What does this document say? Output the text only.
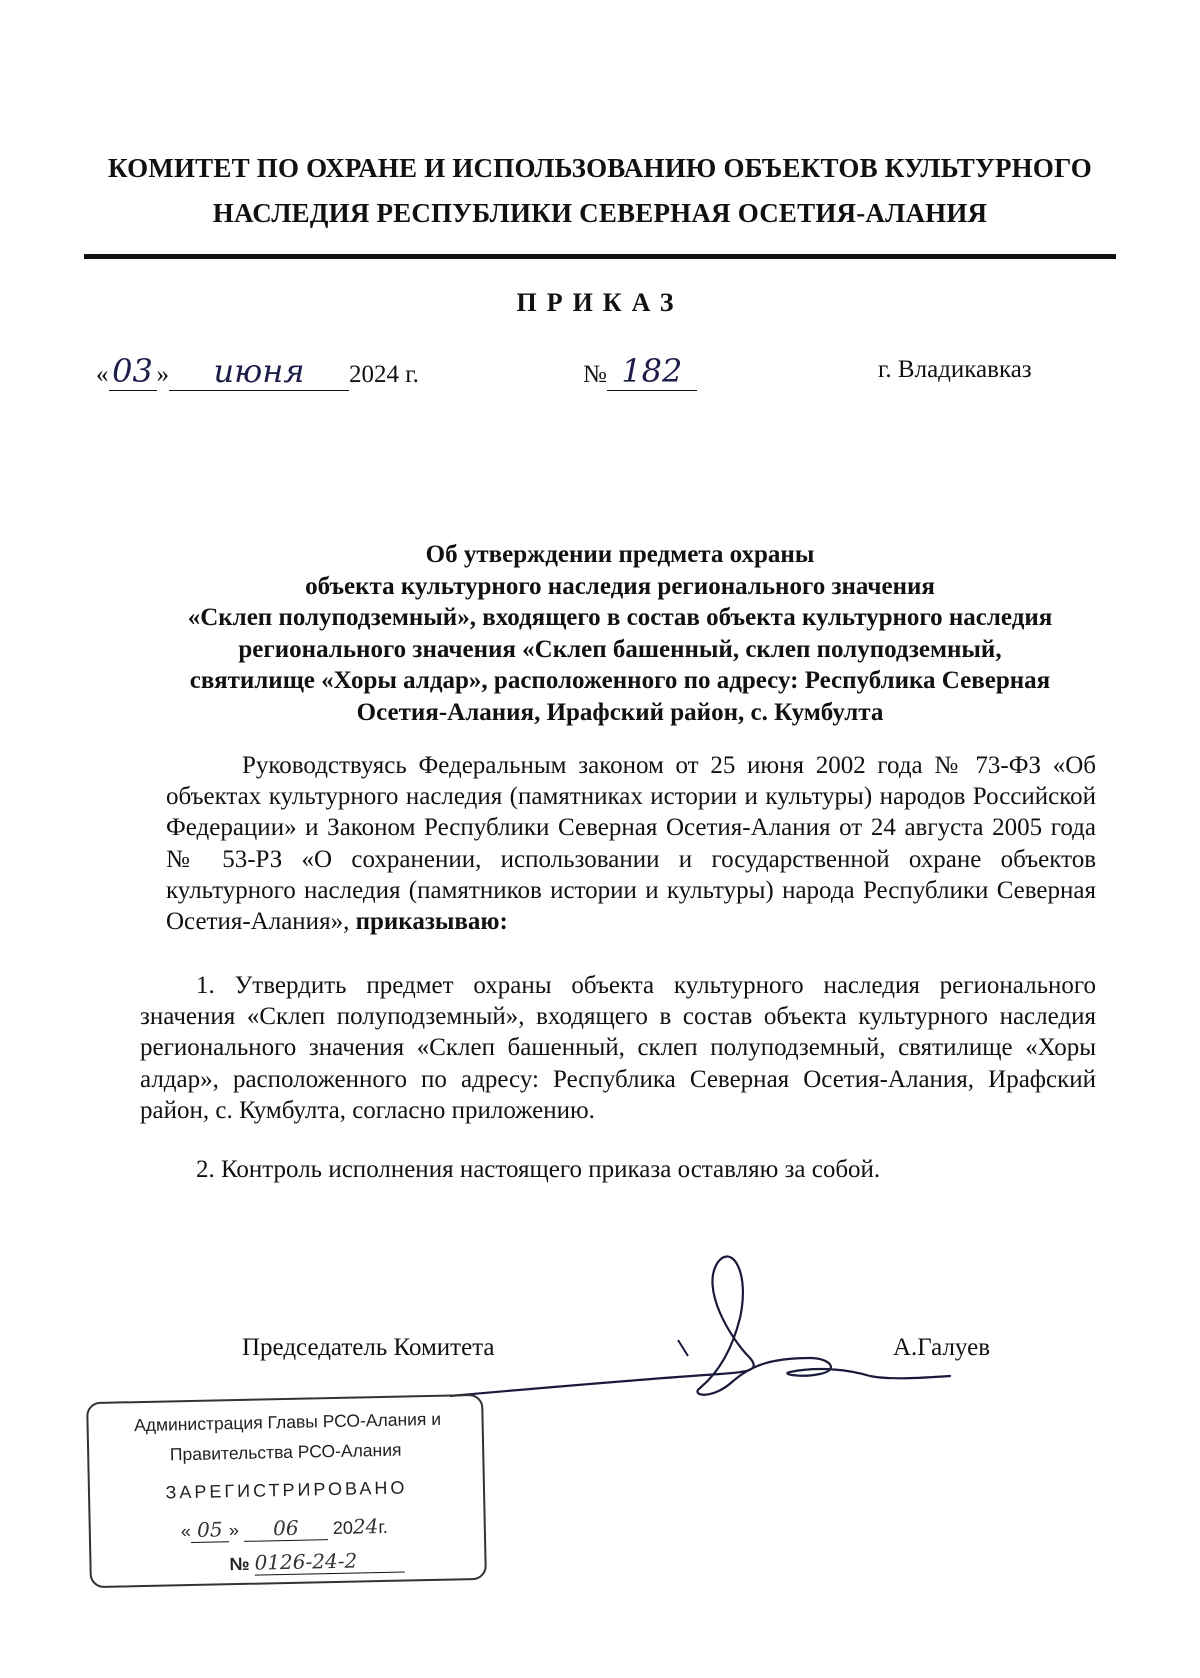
КОМИТЕТ ПО ОХРАНЕ И ИСПОЛЬЗОВАНИЮ ОБЪЕКТОВ КУЛЬТУРНОГО
НАСЛЕДИЯ РЕСПУБЛИКИ СЕВЕРНАЯ ОСЕТИЯ-АЛАНИЯ
ПРИКАЗ
« 03 » июня 2024 г.	№ 182	г. Владикавказ
Об утверждении предмета охраны
объекта культурного наследия регионального значения
«Склеп полуподземный», входящего в состав объекта культурного наследия
регионального значения «Склеп башенный, склеп полуподземный,
святилище «Хоры алдар», расположенного по адресу: Республика Северная
Осетия-Алания, Ирафский район, с. Кумбулта
Руководствуясь Федеральным законом от 25 июня 2002 года № 73-ФЗ «Об объектах культурного наследия (памятниках истории и культуры) народов Российской Федерации» и Законом Республики Северная Осетия-Алания от 24 августа 2005 года № 53-РЗ «О сохранении, использовании и государственной охране объектов культурного наследия (памятников истории и культуры) народа Республики Северная Осетия-Алания», приказываю:
1. Утвердить предмет охраны объекта культурного наследия регионального значения «Склеп полуподземный», входящего в состав объекта культурного наследия регионального значения «Склеп башенный, склеп полуподземный, святилище «Хоры алдар», расположенного по адресу: Республика Северная Осетия-Алания, Ирафский район, с. Кумбулта, согласно приложению.
2. Контроль исполнения настоящего приказа оставляю за собой.
Председатель Комитета	А.Галуев
Администрация Главы РСО-Алания и
Правительства РСО-Алания
ЗАРЕГИСТРИРОВАНО
« 05 » 06 2024г.
№ 0126-24-2
